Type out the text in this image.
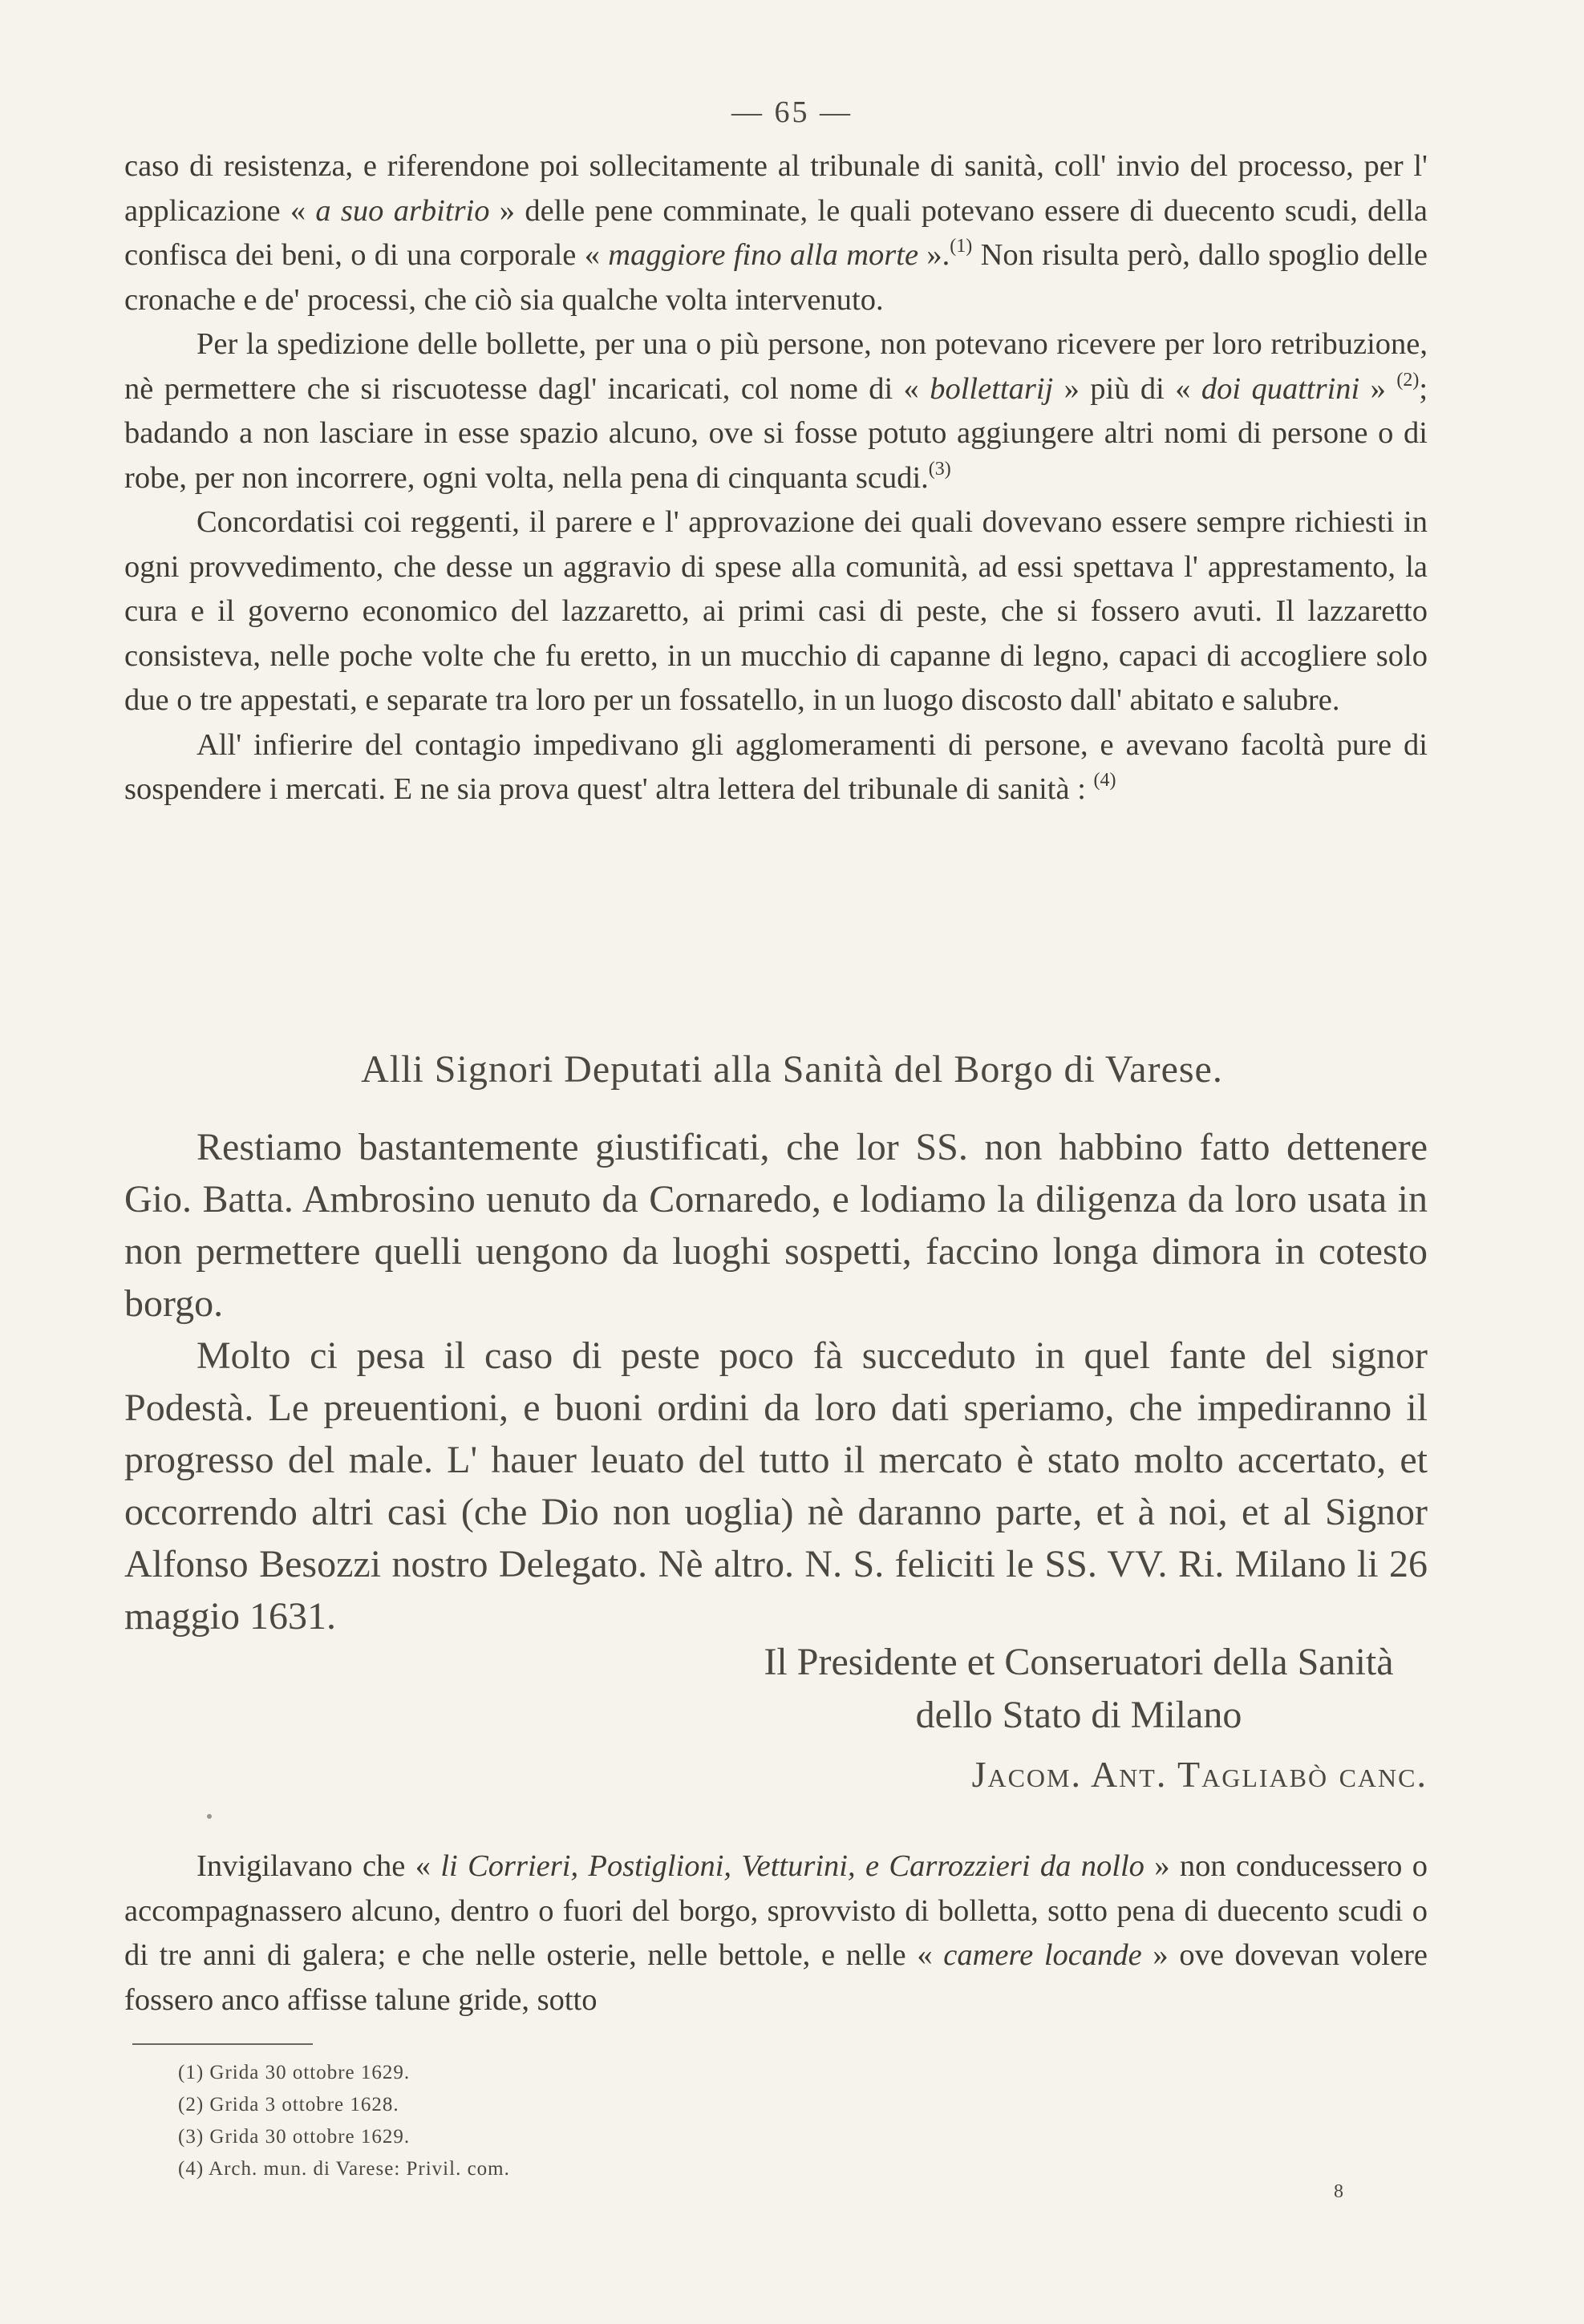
— 65 —

caso di resistenza, e riferendone poi sollecitamente al tribunale di sanità, coll' invio del processo, per l' applicazione « a suo arbitrio » delle pene comminate, le quali potevano essere di duecento scudi, della confisca dei beni, o di una corporale « maggiore fino alla morte ».$^{(1)}$ Non risulta però, dallo spoglio delle cronache e de' processi, che ciò sia qualche volta intervenuto.

Per la spedizione delle bollette, per una o più persone, non potevano ricevere per loro retribuzione, nè permettere che si riscuotesse dagl' incaricati, col nome di « bollettarij » più di « doi quattrini » $^{(2)}$; badando a non lasciare in esse spazio alcuno, ove si fosse potuto aggiungere altri nomi di persone o di robe, per non incorrere, ogni volta, nella pena di cinquanta scudi.$^{(3)}$

Concordatisi coi reggenti, il parere e l' approvazione dei quali dovevano essere sempre richiesti in ogni provvedimento, che desse un aggravio di spese alla comunità, ad essi spettava l' apprestamento, la cura e il governo economico del lazzaretto, ai primi casi di peste, che si fossero avuti. Il lazzaretto consisteva, nelle poche volte che fu eretto, in un mucchio di capanne di legno, capaci di accogliere solo due o tre appestati, e separate tra loro per un fossatello, in un luogo discosto dall' abitato e salubre.

All' infierire del contagio impedivano gli agglomeramenti di persone, e avevano facoltà pure di sospendere i mercati. E ne sia prova quest' altra lettera del tribunale di sanità : $^{(4)}$

Alli Signori Deputati alla Sanità del Borgo di Varese.

Restiamo bastantemente giustificati, che lor SS. non habbino fatto dettenere Gio. Batta. Ambrosino uenuto da Cornaredo, e lodiamo la diligenza da loro usata in non permettere quelli uengono da luoghi sospetti, faccino longa dimora in cotesto borgo.

Molto ci pesa il caso di peste poco fà succeduto in quel fante del signor Podestà. Le preuentioni, e buoni ordini da loro dati speriamo, che impediranno il progresso del male. L' hauer leuato del tutto il mercato è stato molto accertato, et occorrendo altri casi (che Dio non uoglia) nè daranno parte, et à noi, et al Signor Alfonso Besozzi nostro Delegato. Nè altro. N. S. feliciti le SS. VV. Ri. Milano li 26 maggio 1631.

Il Presidente et Conseruatori della Sanità
dello Stato di Milano
Jacom. Ant. Tagliabò canc.

Invigilavano che « li Corrieri, Postiglioni, Vetturini, e Carrozzieri da nollo » non conducessero o accompagnassero alcuno, dentro o fuori del borgo, sprovvisto di bolletta, sotto pena di duecento scudi o di tre anni di galera; e che nelle osterie, nelle bettole, e nelle « camere locande » ove dovevan volere fossero anco affisse talune gride, sotto

(1) Grida 30 ottobre 1629.
(2) Grida 3 ottobre 1628.
(3) Grida 30 ottobre 1629.
(4) Arch. mun. di Varese: Privil. com.
8
